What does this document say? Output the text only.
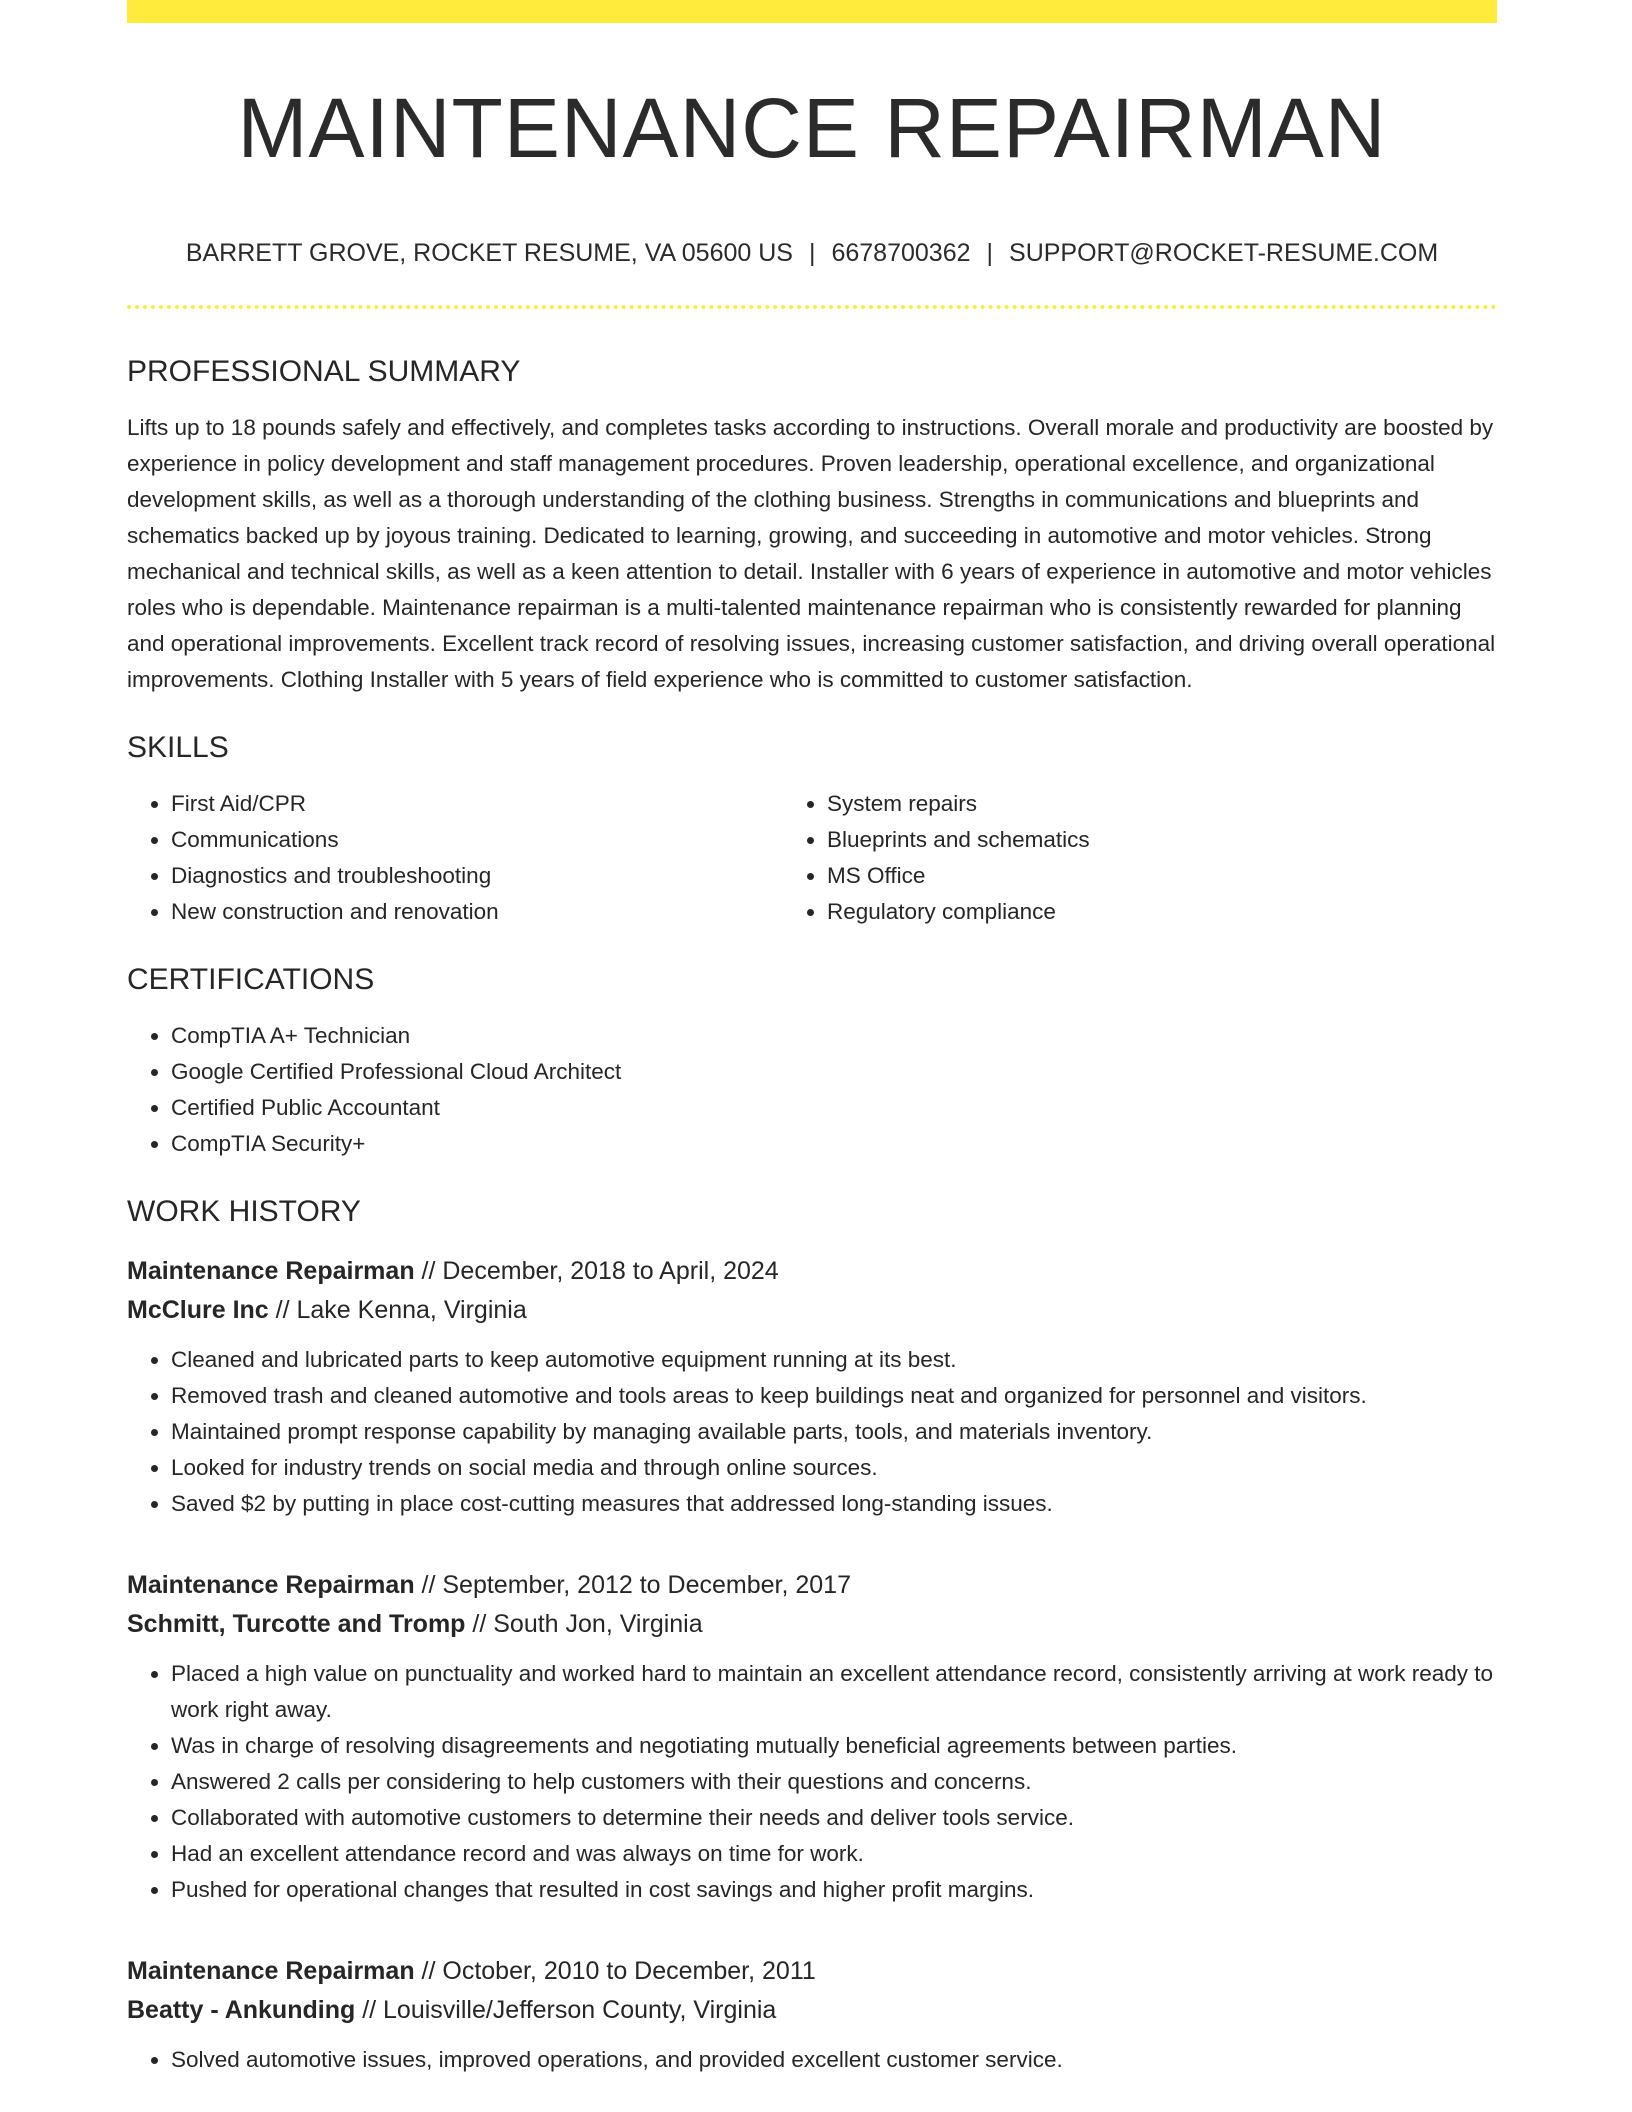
MAINTENANCE REPAIRMAN
BARRETT GROVE, ROCKET RESUME, VA 05600 US | 6678700362 | SUPPORT@ROCKET-RESUME.COM
PROFESSIONAL SUMMARY

Lifts up to 18 pounds safely and effectively, and completes tasks according to instructions. Overall morale and productivity are boosted by experience in policy development and staff management procedures. Proven leadership, operational excellence, and organizational development skills, as well as a thorough understanding of the clothing business. Strengths in communications and blueprints and schematics backed up by joyous training. Dedicated to learning, growing, and succeeding in automotive and motor vehicles. Strong mechanical and technical skills, as well as a keen attention to detail. Installer with 6 years of experience in automotive and motor vehicles roles who is dependable. Maintenance repairman is a multi-talented maintenance repairman who is consistently rewarded for planning and operational improvements. Excellent track record of resolving issues, increasing customer satisfaction, and driving overall operational improvements. Clothing Installer with 5 years of field experience who is committed to customer satisfaction.

SKILLS
• First Aid/CPR
• Communications
• Diagnostics and troubleshooting
• New construction and renovation
• System repairs
• Blueprints and schematics
• MS Office
• Regulatory compliance
CERTIFICATIONS
• CompTIA A+ Technician
• Google Certified Professional Cloud Architect
• Certified Public Accountant
• CompTIA Security+
WORK HISTORY
Maintenance Repairman // December, 2018 to April, 2024
McClure Inc // Lake Kenna, Virginia
• Cleaned and lubricated parts to keep automotive equipment running at its best.
• Removed trash and cleaned automotive and tools areas to keep buildings neat and organized for personnel and visitors.
• Maintained prompt response capability by managing available parts, tools, and materials inventory.
• Looked for industry trends on social media and through online sources.
• Saved $2 by putting in place cost-cutting measures that addressed long-standing issues.
Maintenance Repairman // September, 2012 to December, 2017
Schmitt, Turcotte and Tromp // South Jon, Virginia
• Placed a high value on punctuality and worked hard to maintain an excellent attendance record, consistently arriving at work ready to work right away.
• Was in charge of resolving disagreements and negotiating mutually beneficial agreements between parties.
• Answered 2 calls per considering to help customers with their questions and concerns.
• Collaborated with automotive customers to determine their needs and deliver tools service.
• Had an excellent attendance record and was always on time for work.
• Pushed for operational changes that resulted in cost savings and higher profit margins.
Maintenance Repairman // October, 2010 to December, 2011
Beatty - Ankunding // Louisville/Jefferson County, Virginia
• Solved automotive issues, improved operations, and provided excellent customer service.
